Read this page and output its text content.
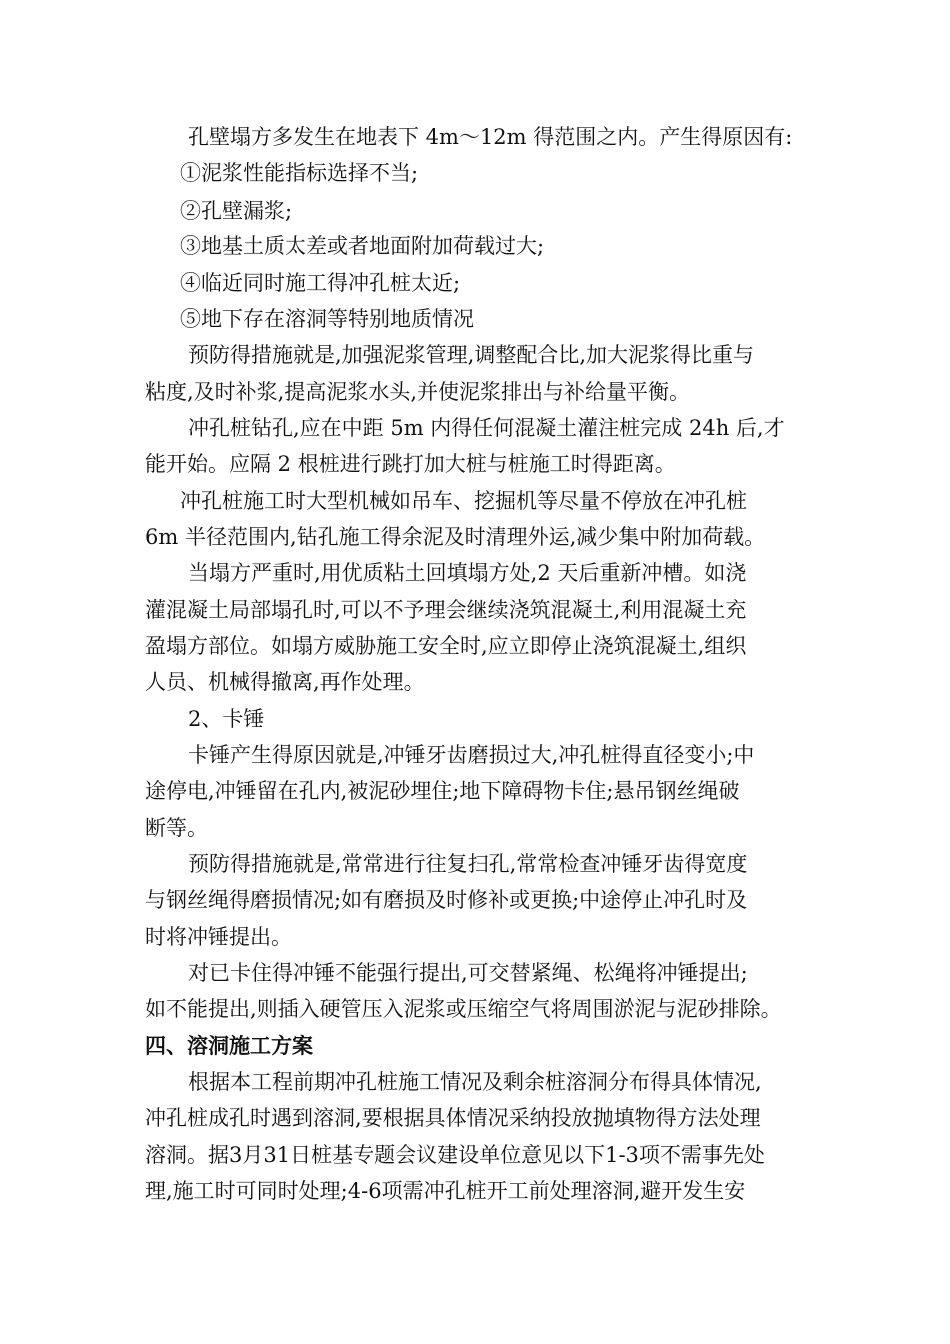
孔壁塌方多发生在地表下 4m～12m 得范围之内。产生得原因有:

①泥浆性能指标选择不当;

②孔壁漏浆;

③地基土质太差或者地面附加荷载过大;

④临近同时施工得冲孔桩太近;

⑤地下存在溶洞等特别地质情况

预防得措施就是,加强泥浆管理,调整配合比,加大泥浆得比重与

粘度,及时补浆,提高泥浆水头,并使泥浆排出与补给量平衡。

冲孔桩钻孔,应在中距 5m 内得任何混凝土灌注桩完成 24h 后,才

能开始。应隔 2 根桩进行跳打加大桩与桩施工时得距离。

冲孔桩施工时大型机械如吊车、挖掘机等尽量不停放在冲孔桩

6m 半径范围内,钻孔施工得余泥及时清理外运,减少集中附加荷载。

当塌方严重时,用优质粘土回填塌方处,2 天后重新冲槽。如浇

灌混凝土局部塌孔时,可以不予理会继续浇筑混凝土,利用混凝土充

盈塌方部位。如塌方威胁施工安全时,应立即停止浇筑混凝土,组织

人员、机械得撤离,再作处理。

2、卡锤

卡锤产生得原因就是,冲锤牙齿磨损过大,冲孔桩得直径变小;中

途停电,冲锤留在孔内,被泥砂埋住;地下障碍物卡住;悬吊钢丝绳破

断等。

预防得措施就是,常常进行往复扫孔,常常检查冲锤牙齿得宽度

与钢丝绳得磨损情况;如有磨损及时修补或更换;中途停止冲孔时及

时将冲锤提出。

对已卡住得冲锤不能强行提出,可交替紧绳、松绳将冲锤提出;

如不能提出,则插入硬管压入泥浆或压缩空气将周围淤泥与泥砂排除。

四、溶洞施工方案

根据本工程前期冲孔桩施工情况及剩余桩溶洞分布得具体情况,

冲孔桩成孔时遇到溶洞,要根据具体情况采纳投放抛填物得方法处理

溶洞。据3月31日桩基专题会议建设单位意见以下1-3项不需事先处

理,施工时可同时处理;4-6项需冲孔桩开工前处理溶洞,避开发生安
